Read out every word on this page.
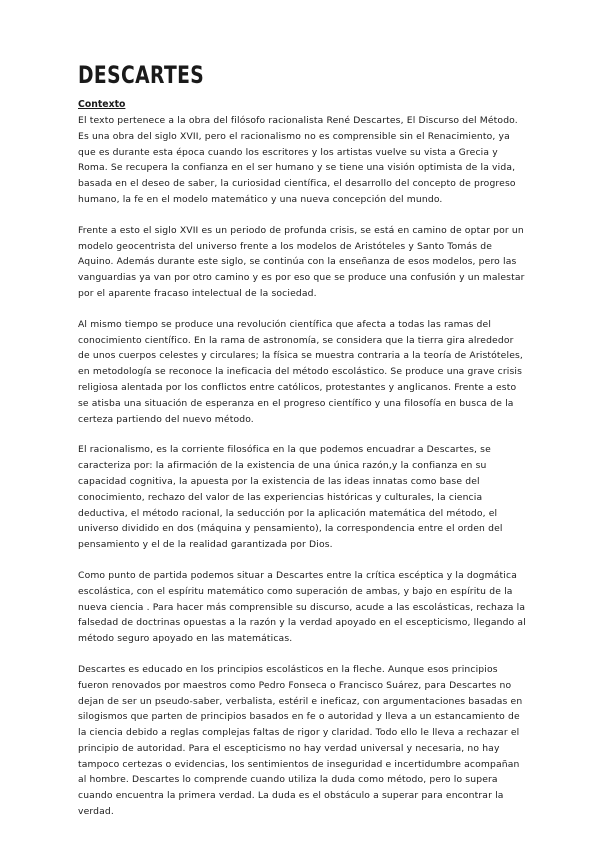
DESCARTES
Contexto

El texto pertenece a la obra del filósofo racionalista René Descartes, El Discurso del Método. Es una obra del siglo XVII, pero el racionalismo no es comprensible sin el Renacimiento, ya que es durante esta época cuando los escritores y los artistas vuelve su vista a Grecia y Roma. Se recupera la confianza en el ser humano y se tiene una visión optimista de la vida, basada en el deseo de saber, la curiosidad científica, el desarrollo del concepto de progreso humano, la fe en el modelo matemático y una nueva concepción del mundo.

Frente a esto el siglo XVII es un periodo de profunda crisis, se está en camino de optar por un modelo geocentrista del universo frente a los modelos de Aristóteles y Santo Tomás de Aquino. Además durante este siglo, se continúa con la enseñanza de esos modelos, pero las vanguardias ya van por otro camino y es por eso que se produce una confusión y un malestar por el aparente fracaso intelectual de la sociedad.

Al mismo tiempo se produce una revolución científica que afecta a todas las ramas del conocimiento científico. En la rama de astronomía, se considera que la tierra gira alrededor de unos cuerpos celestes y circulares; la física se muestra contraria a la teoría de Aristóteles, en metodología se reconoce la ineficacia del método escolástico. Se produce una grave crisis religiosa alentada por los conflictos entre católicos, protestantes y anglicanos. Frente a esto se atisba una situación de esperanza en el progreso científico y una filosofía en busca de la certeza partiendo del nuevo método.

El racionalismo, es la corriente filosófica en la que podemos encuadrar a Descartes, se caracteriza por: la afirmación de la existencia de una única razón,y la confianza en su capacidad cognitiva, la apuesta por la existencia de las ideas innatas como base del conocimiento, rechazo del valor de las experiencias históricas y culturales, la ciencia deductiva, el método racional, la seducción por la aplicación matemática del método, el universo dividido en dos (máquina y pensamiento), la correspondencia entre el orden del pensamiento y el de la realidad garantizada por Dios.

Como punto de partida podemos situar a Descartes entre la crítica escéptica y la dogmática escolástica, con el espíritu matemático como superación de ambas, y bajo en espíritu de la nueva ciencia . Para hacer más comprensible su discurso, acude a las escolásticas, rechaza la falsedad de doctrinas opuestas a la razón y la verdad apoyado en el escepticismo, llegando al método seguro apoyado en las matemáticas.

Descartes es educado en los principios escolásticos en la fleche. Aunque esos principios fueron renovados por maestros como Pedro Fonseca o Francisco Suárez, para Descartes no dejan de ser un pseudo-saber, verbalista, estéril e ineficaz, con argumentaciones basadas en silogismos que parten de principios basados en fe o autoridad y lleva a un estancamiento de la ciencia debido a reglas complejas faltas de rigor y claridad. Todo ello le lleva a rechazar el principio de autoridad. Para el escepticismo no hay verdad universal y necesaria, no hay tampoco certezas o evidencias, los sentimientos de inseguridad e incertidumbre acompañan al hombre. Descartes lo comprende cuando utiliza la duda como método, pero lo supera cuando encuentra la primera verdad. La duda es el obstáculo a superar para encontrar la verdad.
